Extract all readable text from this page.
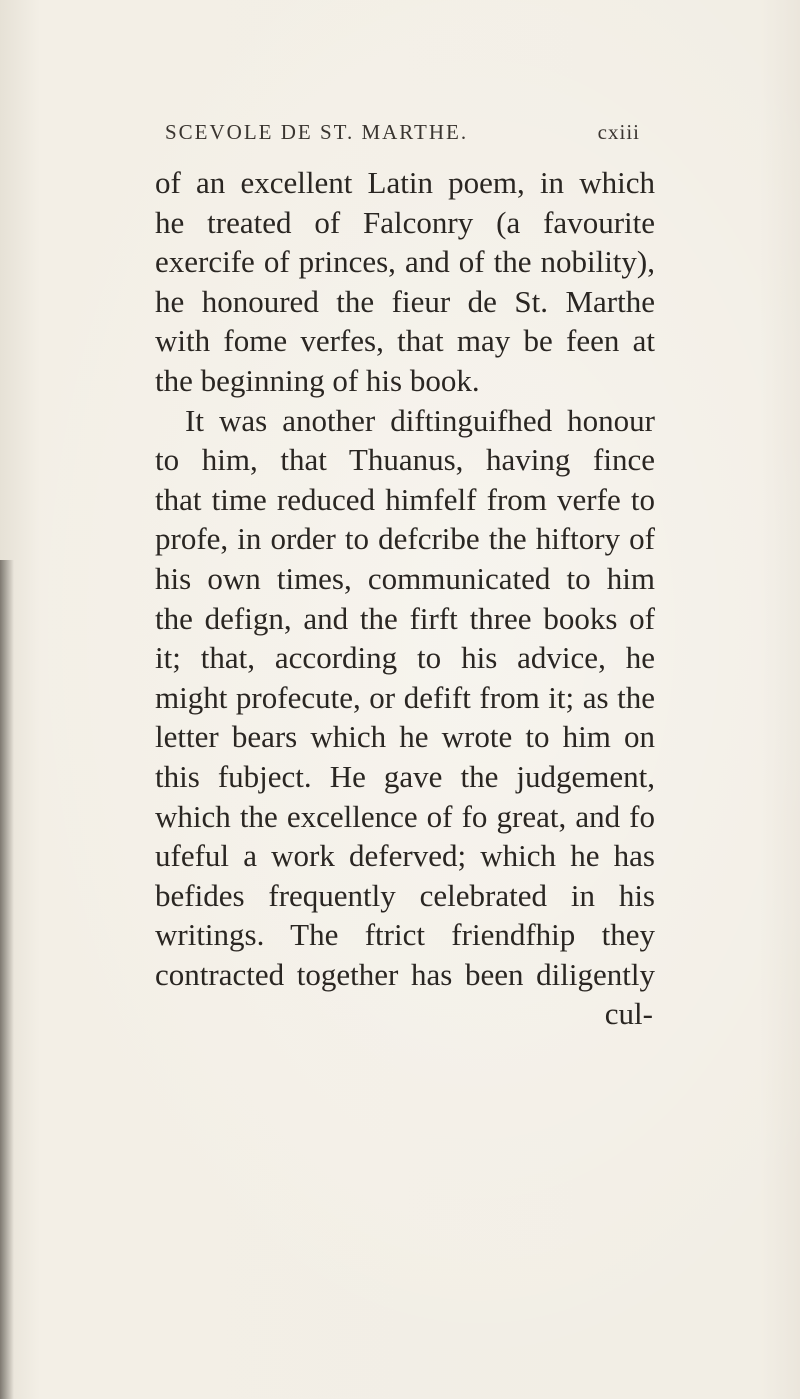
SCEVOLE DE ST. MARTHE.	cxiii
of an excellent Latin poem, in which
he treated of Falconry (a favourite
exercife of princes, and of the nobility),
he honoured the fieur de St. Marthe
with fome verfes, that may be feen at
the beginning of his book.
It was another diftinguifhed honour
to him, that Thuanus, having fince
that time reduced himfelf from verfe to
profe, in order to defcribe the hiftory of
his own times, communicated to him
the defign, and the firft three books of
it; that, according to his advice, he
might profecute, or defift from it; as the
letter bears which he wrote to him on
this fubject. He gave the judgement,
which the excellence of fo great, and fo
ufeful a work deferved; which he has
befides frequently celebrated in his
writings. The ftrict friendfhip they
contracted together has been diligently
cul-
